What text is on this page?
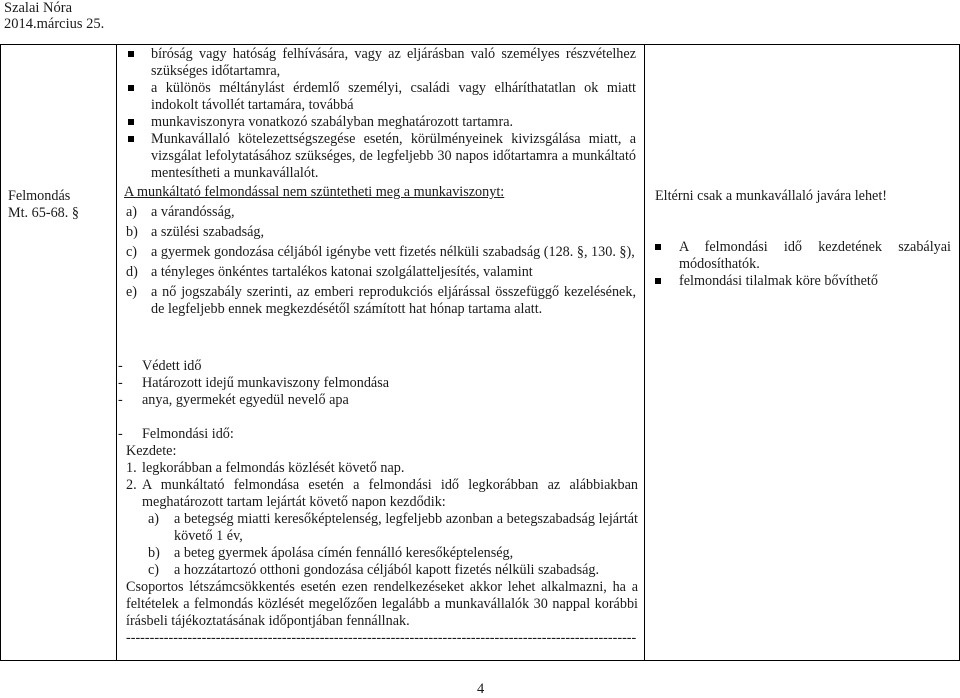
Szalai Nóra
2014.március 25.
Felmondás
Mt. 65-68. §
bíróság vagy hatóság felhívására, vagy az eljárásban való személyes részvételhez szükséges időtartamra,
a különös méltánylást érdemlő személyi, családi vagy elháríthatatlan ok miatt indokolt távollét tartamára, továbbá
munkaviszonyra vonatkozó szabályban meghatározott tartamra.
Munkavállaló kötelezettségszegése esetén, körülményeinek kivizsgálása miatt, a vizsgálat lefolytatásához szükséges, de legfeljebb 30 napos időtartamra a munkáltató mentesítheti a munkavállalót.
A munkáltató felmondással nem szüntetheti meg a munkaviszonyt:
a) a várandósság,
b) a szülési szabadság,
c) a gyermek gondozása céljából igénybe vett fizetés nélküli szabadság (128. §, 130. §),
d) a tényleges önkéntes tartalékos katonai szolgálatteljesítés, valamint
e) a nő jogszabály szerinti, az emberi reprodukciós eljárással összefüggő kezelésének, de legfeljebb ennek megkezdésétől számított hat hónap tartama alatt.
- Védett idő
- Határozott idejű munkaviszony felmondása
- anya, gyermekét egyedül nevelő apa
- Felmondási idő:
Kezdete:
1. legkorábban a felmondás közlését követő nap.
2. A munkáltató felmondása esetén a felmondási idő legkorábban az alábbiakban meghatározott tartam lejártát követő napon kezdődik:
a) a betegség miatti keresőképtelenség, legfeljebb azonban a betegszabadság lejártát követő 1 év,
b) a beteg gyermek ápolása címén fennálló keresőképtelenség,
c) a hozzátartozó otthoni gondozása céljából kapott fizetés nélküli szabadság.
Csoportos létszámcsökkentés esetén ezen rendelkezéseket akkor lehet alkalmazni, ha a feltételek a felmondás közlését megelőzően legalább a munkavállalók 30 nappal korábbi írásbeli tájékoztatásának időpontjában fennállnak.
------------------------------------------------------------------------------------------------------------
Eltérni csak a munkavállaló javára lehet!
A felmondási idő kezdetének szabályai módosíthatók.
felmondási tilalmak köre bővíthető
4
